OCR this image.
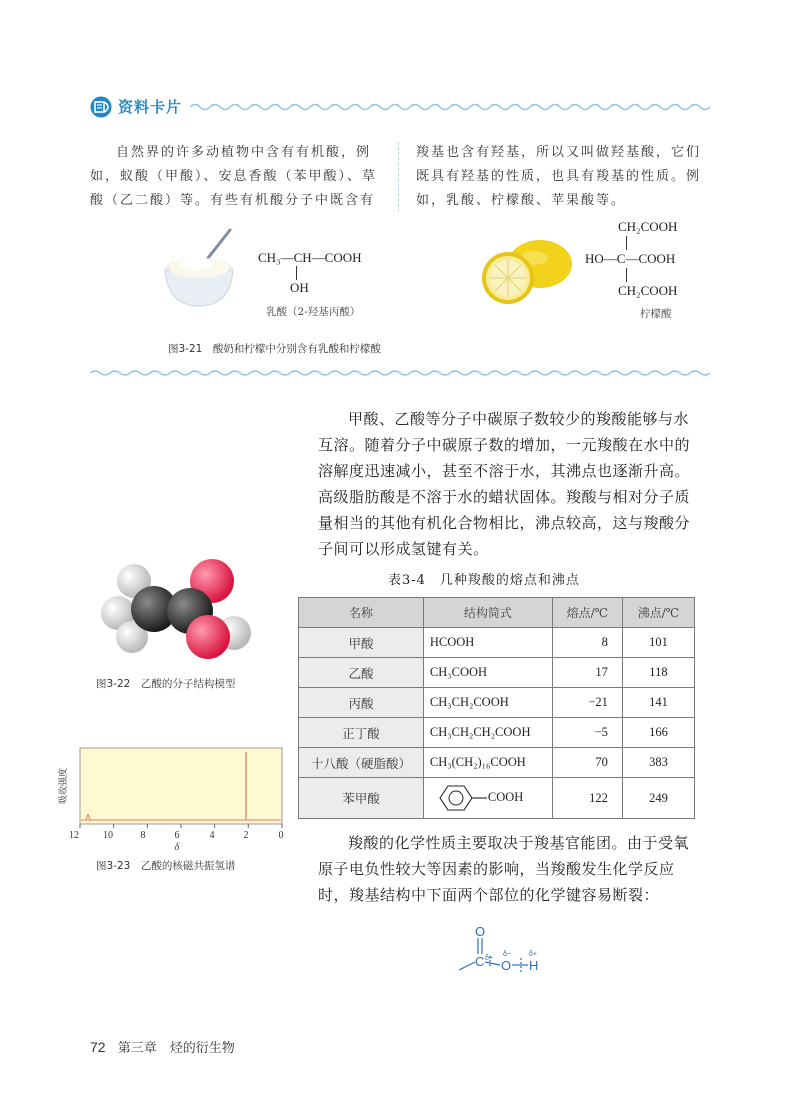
资料卡片
自然界的许多动植物中含有有机酸，例如，蚁酸（甲酸）、安息香酸（苯甲酸）、草酸（乙二酸）等。有些有机酸分子中既含有
羧基也含有羟基，所以又叫做羟基酸，它们既具有羟基的性质，也具有羧基的性质。例如，乳酸、柠檬酸、苹果酸等。
CH₃—CH—COOH
OH
乳酸（2-羟基丙酸）
CH₂COOH
HO—C—COOH
CH₂COOH
柠檬酸
图3-21　酸奶和柠檬中分别含有乳酸和柠檬酸
甲酸、乙酸等分子中碳原子数较少的羧酸能够与水互溶。随着分子中碳原子数的增加，一元羧酸在水中的溶解度迅速减小，甚至不溶于水，其沸点也逐渐升高。高级脂肪酸是不溶于水的蜡状固体。羧酸与相对分子质量相当的其他有机化合物相比，沸点较高，这与羧酸分子间可以形成氢键有关。
图3-22　乙酸的分子结构模型
12 10	8	6	4	2	0
δ
吸收强度
图3-23　乙酸的核磁共振氢谱
表3-4　几种羧酸的熔点和沸点
名称	结构简式	熔点/℃	沸点/℃
甲酸	HCOOH	8	101
乙酸	CH₃COOH	17	118
丙酸	CH₃CH₂COOH	−21	141
正丁酸	CH₃CH₂CH₂COOH	−5	166
十八酸（硬脂酸）	CH₃(CH₂)₁₆COOH	70	383
苯甲酸	COOH	122	249
羧酸的化学性质主要取决于羧基官能团。由于受氧原子电负性较大等因素的影响，当羧酸发生化学反应时，羧基结构中下面两个部位的化学键容易断裂：
O
C O H
δ+
δ−	δ+
72 第三章　烃的衍生物
